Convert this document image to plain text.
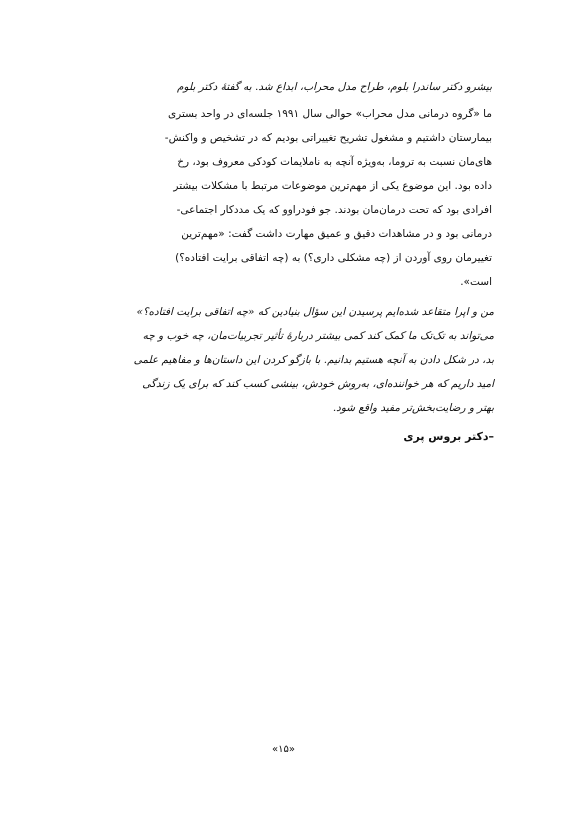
بیشرو دکتر ساندرا بلوم، طراح مدل محراب، ابداع شد. به گفتهٔ دکتر بلوم
ما «گروه درمانی مدل محراب» حوالی سال ۱۹۹۱ جلسه‌ای در واحد بستری
بیمارستان داشتیم و مشغول تشریح تغییراتی بودیم که در تشخیص و واکنش-
های‌مان نسبت به تروما، به‌ویژه آنچه به ناملایمات کودکی معروف بود، رخ
داده بود. این موضوع یکی از مهم‌ترین موضوعات مرتبط با مشکلات بیشتر
افرادی بود که تحت درمان‌مان بودند. جو فودراوو که یک مددکار اجتماعی-
درمانی بود و در مشاهدات دقیق و عمیق مهارت داشت گفت: «مهم‌ترین
تغییرمان روی آوردن از (چه مشکلی داری؟) به (چه اتفاقی برایت افتاده؟)
است».
من و اپرا متقاعد شده‌ایم پرسیدن این سؤال بنیادین که «چه اتفاقی برایت افتاده؟»
می‌تواند به تک‌تک ما کمک کند کمی بیشتر دربارهٔ تأثیر تجربیات‌مان، چه خوب و چه
بد، در شکل دادن به آنچه هستیم بدانیم. با بازگو کردن این داستان‌ها و مفاهیم علمی
امید داریم که هر خواننده‌ای، به‌روش خودش، بینشی کسب کند که برای یک زندگی
بهتر و رضایت‌بخش‌تر مفید واقع شود.
–دکتر بروس پری
«۱۵»
